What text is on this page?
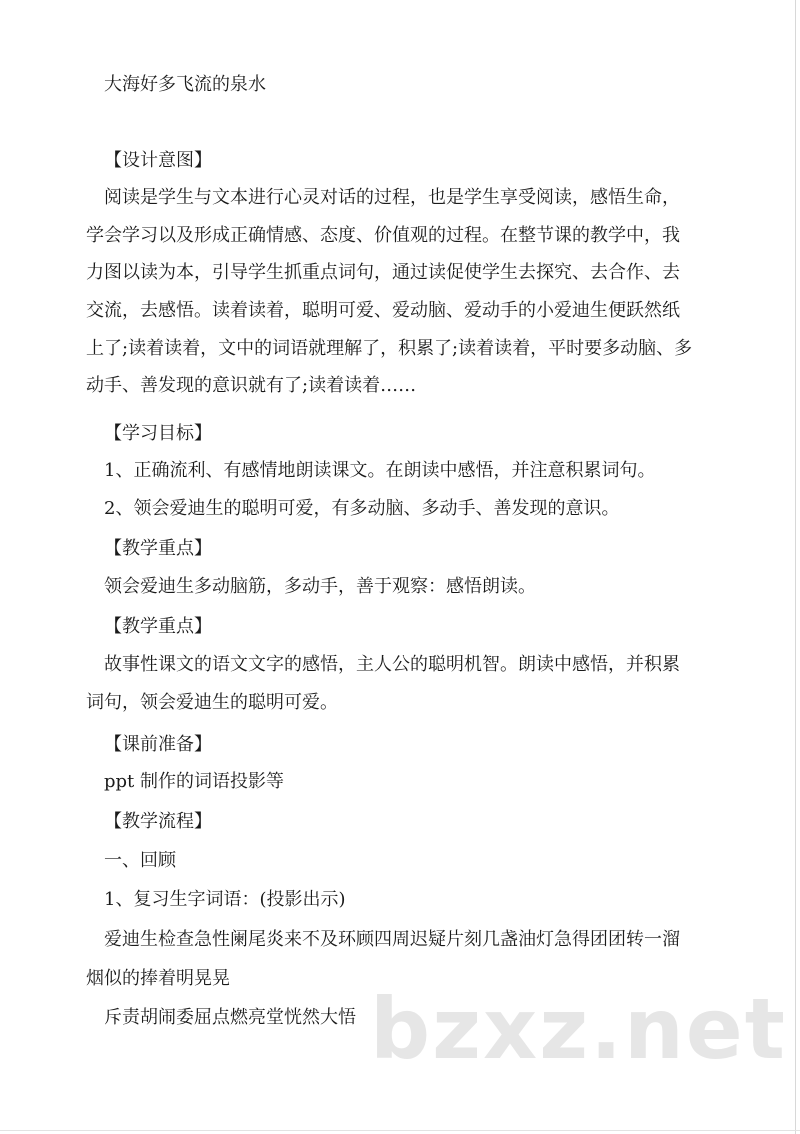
大海好多飞流的泉水
【设计意图】
阅读是学生与文本进行心灵对话的过程，也是学生享受阅读，感悟生命，
学会学习以及形成正确情感、态度、价值观的过程。在整节课的教学中，我
力图以读为本，引导学生抓重点词句，通过读促使学生去探究、去合作、去
交流，去感悟。读着读着，聪明可爱、爱动脑、爱动手的小爱迪生便跃然纸
上了;读着读着，文中的词语就理解了，积累了;读着读着，平时要多动脑、多
动手、善发现的意识就有了;读着读着……
【学习目标】
1、正确流利、有感情地朗读课文。在朗读中感悟，并注意积累词句。
2、领会爱迪生的聪明可爱，有多动脑、多动手、善发现的意识。
【教学重点】
领会爱迪生多动脑筋，多动手，善于观察：感悟朗读。
【教学重点】
故事性课文的语文文字的感悟，主人公的聪明机智。朗读中感悟，并积累
词句，领会爱迪生的聪明可爱。
【课前准备】
ppt 制作的词语投影等
【教学流程】
一、回顾
1、复习生字词语：(投影出示)
爱迪生检查急性阑尾炎来不及环顾四周迟疑片刻几盏油灯急得团团转一溜
烟似的捧着明晃晃
斥责胡闹委屈点燃亮堂恍然大悟 bzxz.net
